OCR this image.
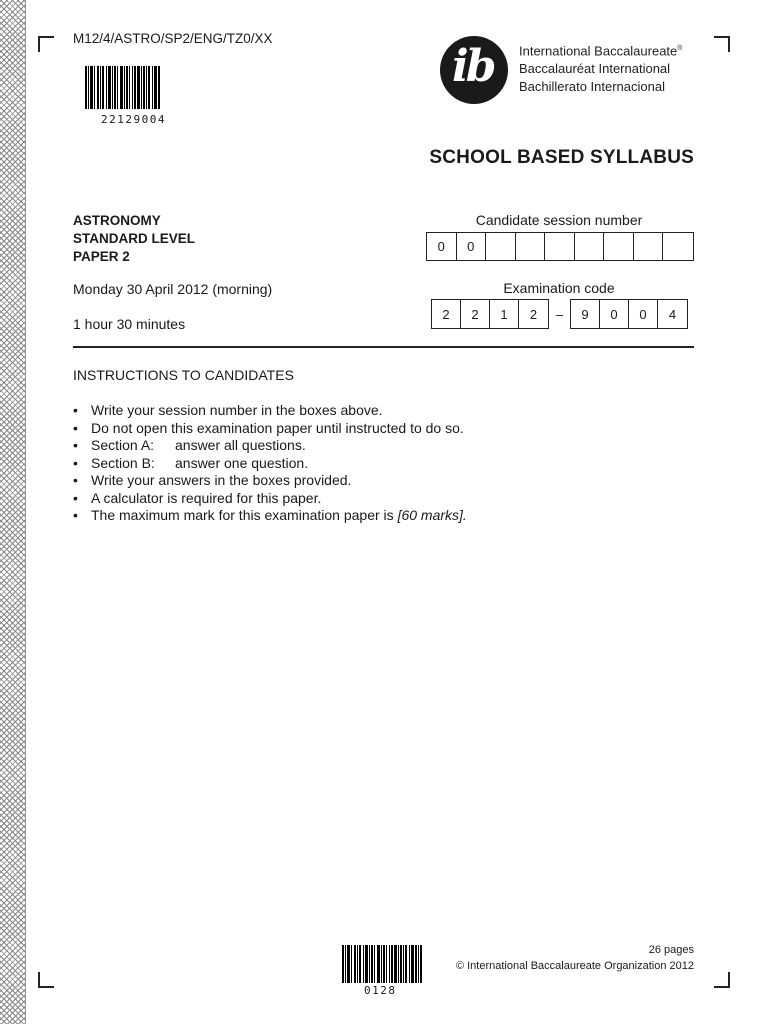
M12/4/ASTRO/SP2/ENG/TZ0/XX
22129004
ib International Baccalaureate®
Baccalauréat International
Bachillerato Internacional
SCHOOL BASED SYLLABUS
ASTRONOMY
STANDARD LEVEL
PAPER 2
Monday 30 April 2012 (morning)
1 hour 30 minutes
Candidate session number
0	0
Examination code
2	2	1	2	–	9	0	0	4
INSTRUCTIONS TO CANDIDATES
• Write your session number in the boxes above.
• Do not open this examination paper until instructed to do so.
• Section A:	answer all questions.
• Section B:	answer one question.
• Write your answers in the boxes provided.
• A calculator is required for this paper.
• The maximum mark for this examination paper is [60 marks].
0128
26 pages
© International Baccalaureate Organization 2012
